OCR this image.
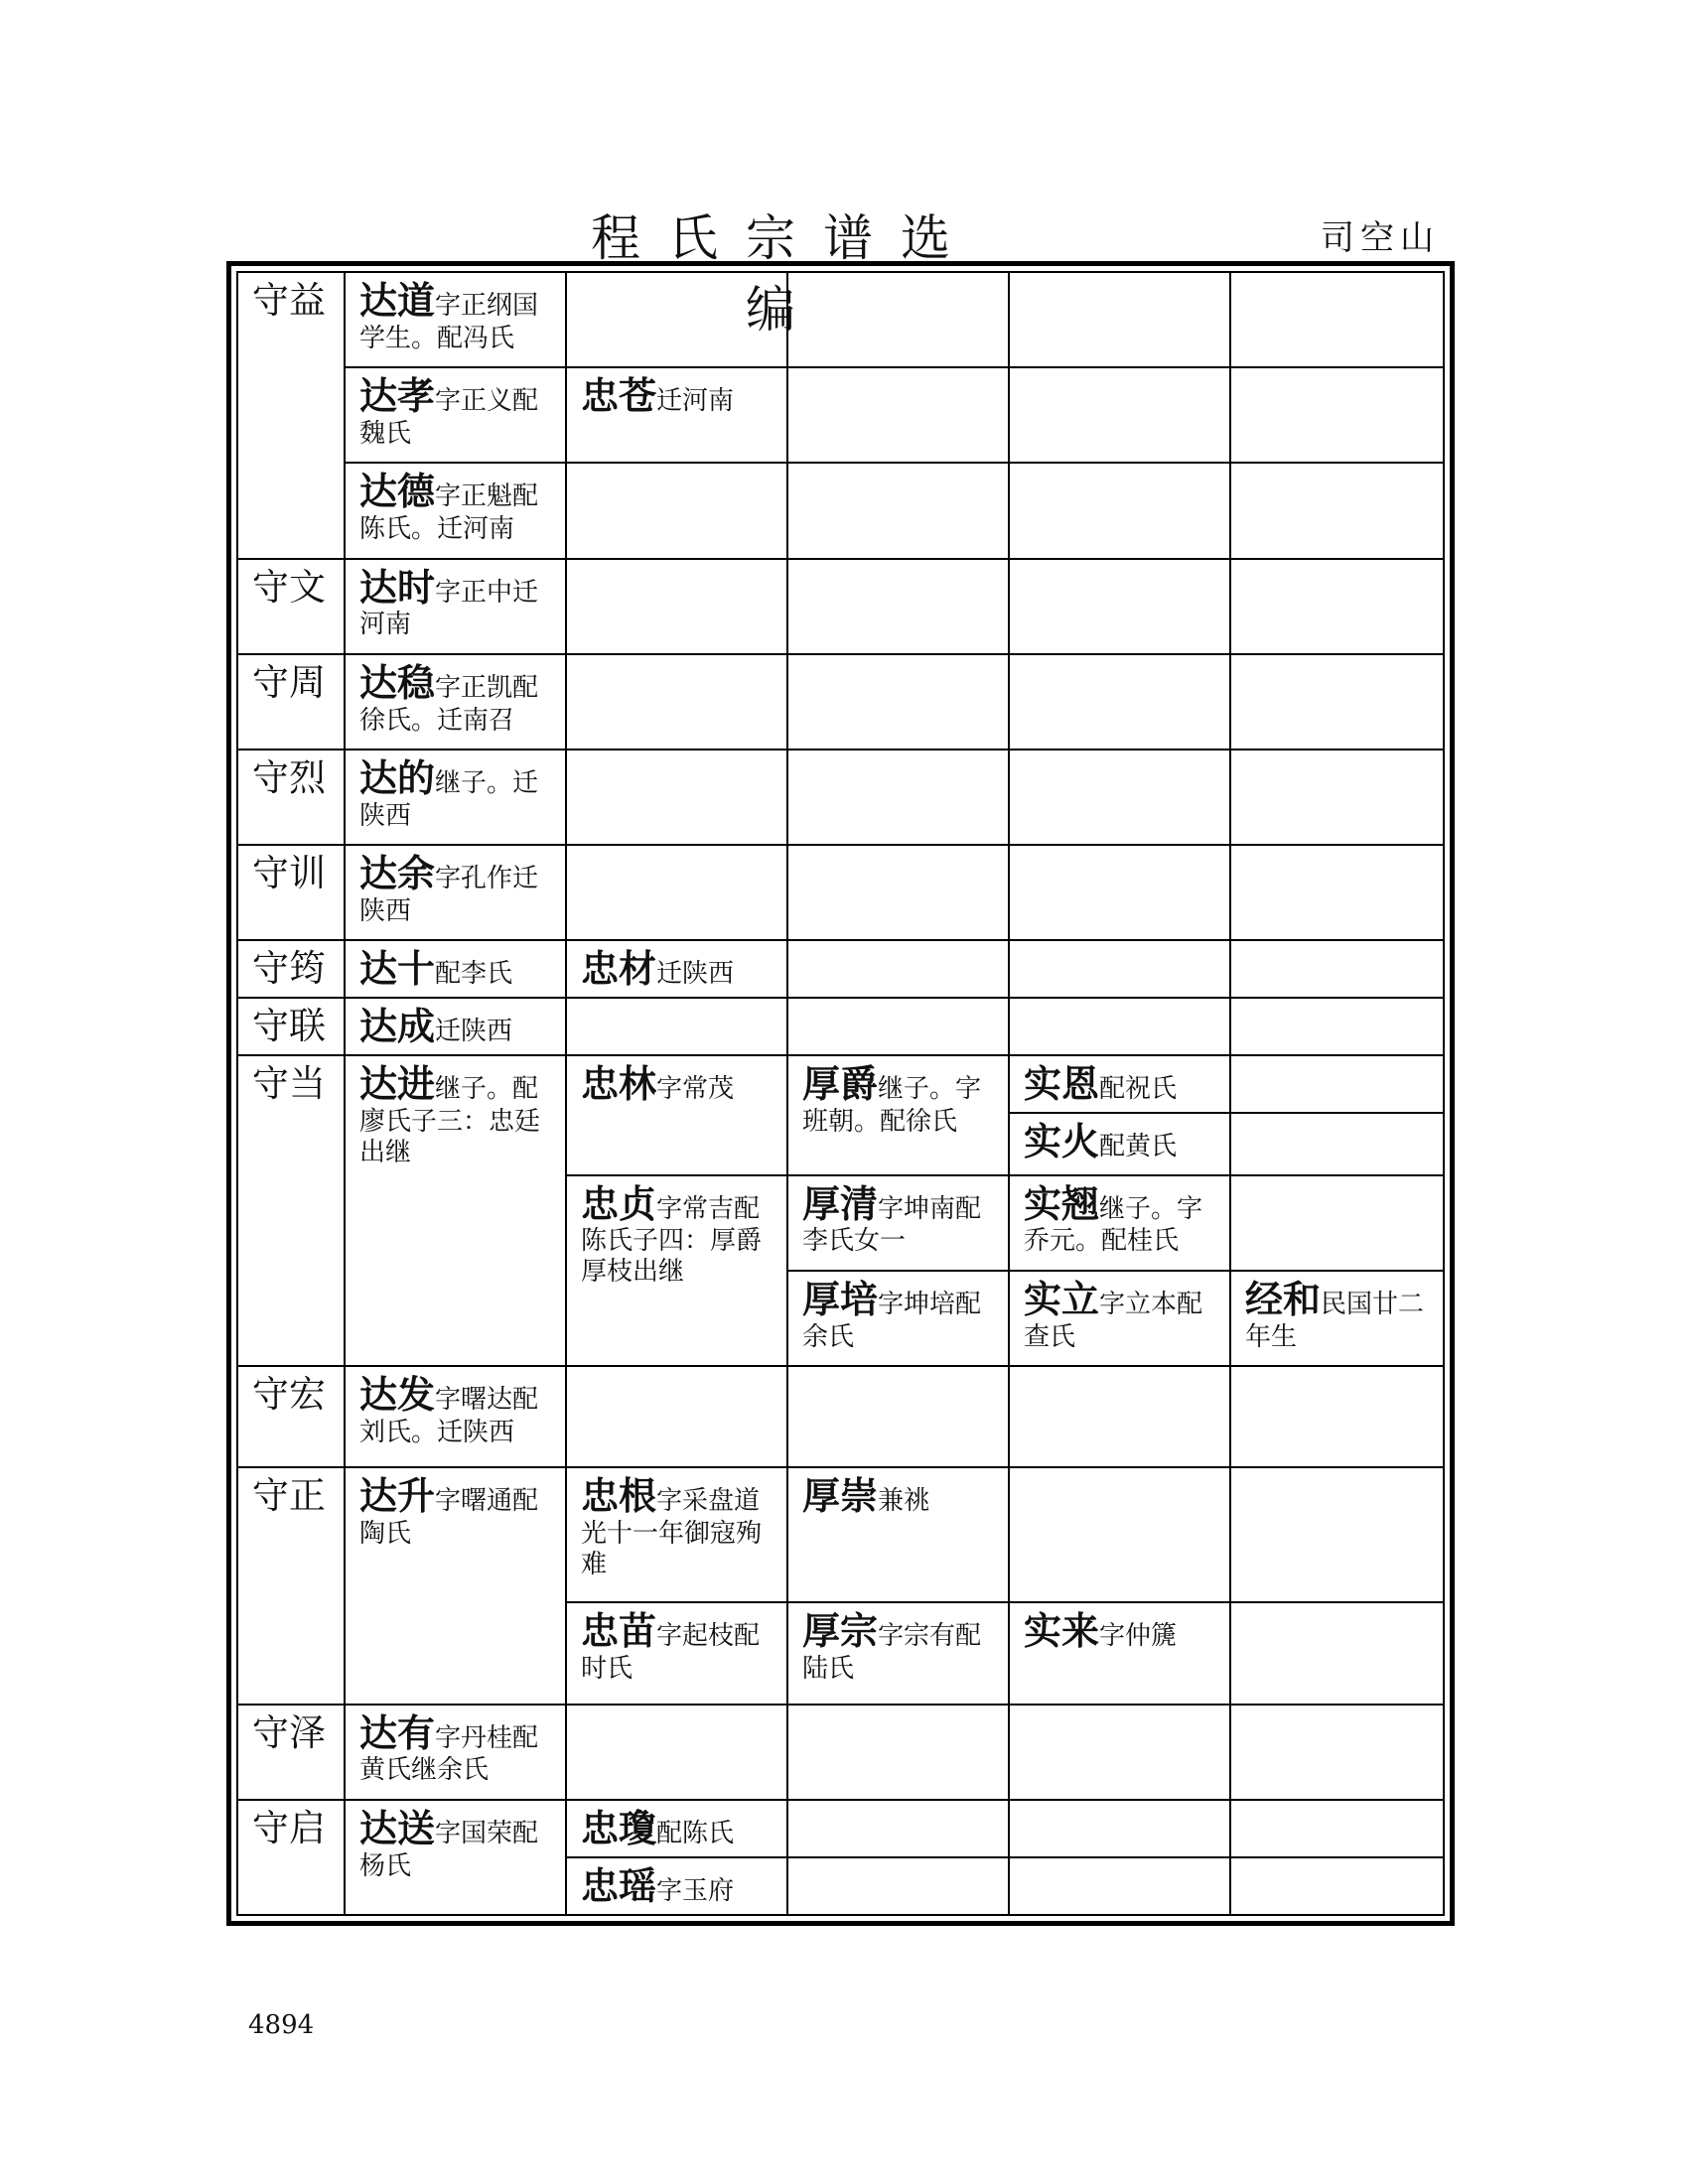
程氏宗谱选编
司空山
守益	达道字正纲国学生。配冯氏				
	达孝字正义配魏氏	忠苍迁河南			
	达德字正魁配陈氏。迁河南				
守文	达时字正中迁河南				
守周	达稳字正凯配徐氏。迁南召				
守烈	达的继子。迁陕西				
守训	达余字孔作迁陕西				
守筠	达十配李氏	忠材迁陕西			
守联	达成迁陕西				
守当	达进继子。配廖氏子三：忠廷出继	忠林字常茂	厚爵继子。字班朝。配徐氏	实恩配祝氏	
				实火配黄氏	
		忠贞字常吉配陈氏子四：厚爵厚枝出继	厚清字坤南配李氏女一	实翘继子。字乔元。配桂氏	
			厚培字坤培配余氏	实立字立本配查氏	经和民国廿二年生
守宏	达发字曙达配刘氏。迁陕西				
守正	达升字曙通配陶氏	忠根字采盘道光十一年御寇殉难	厚崇兼祧		
		忠苗字起枝配时氏	厚宗字宗有配陆氏	实来字仲篪	
守泽	达有字丹桂配黄氏继余氏				
守启	达送字国荣配杨氏	忠瓊配陈氏			
		忠瑶字玉府			
4894
